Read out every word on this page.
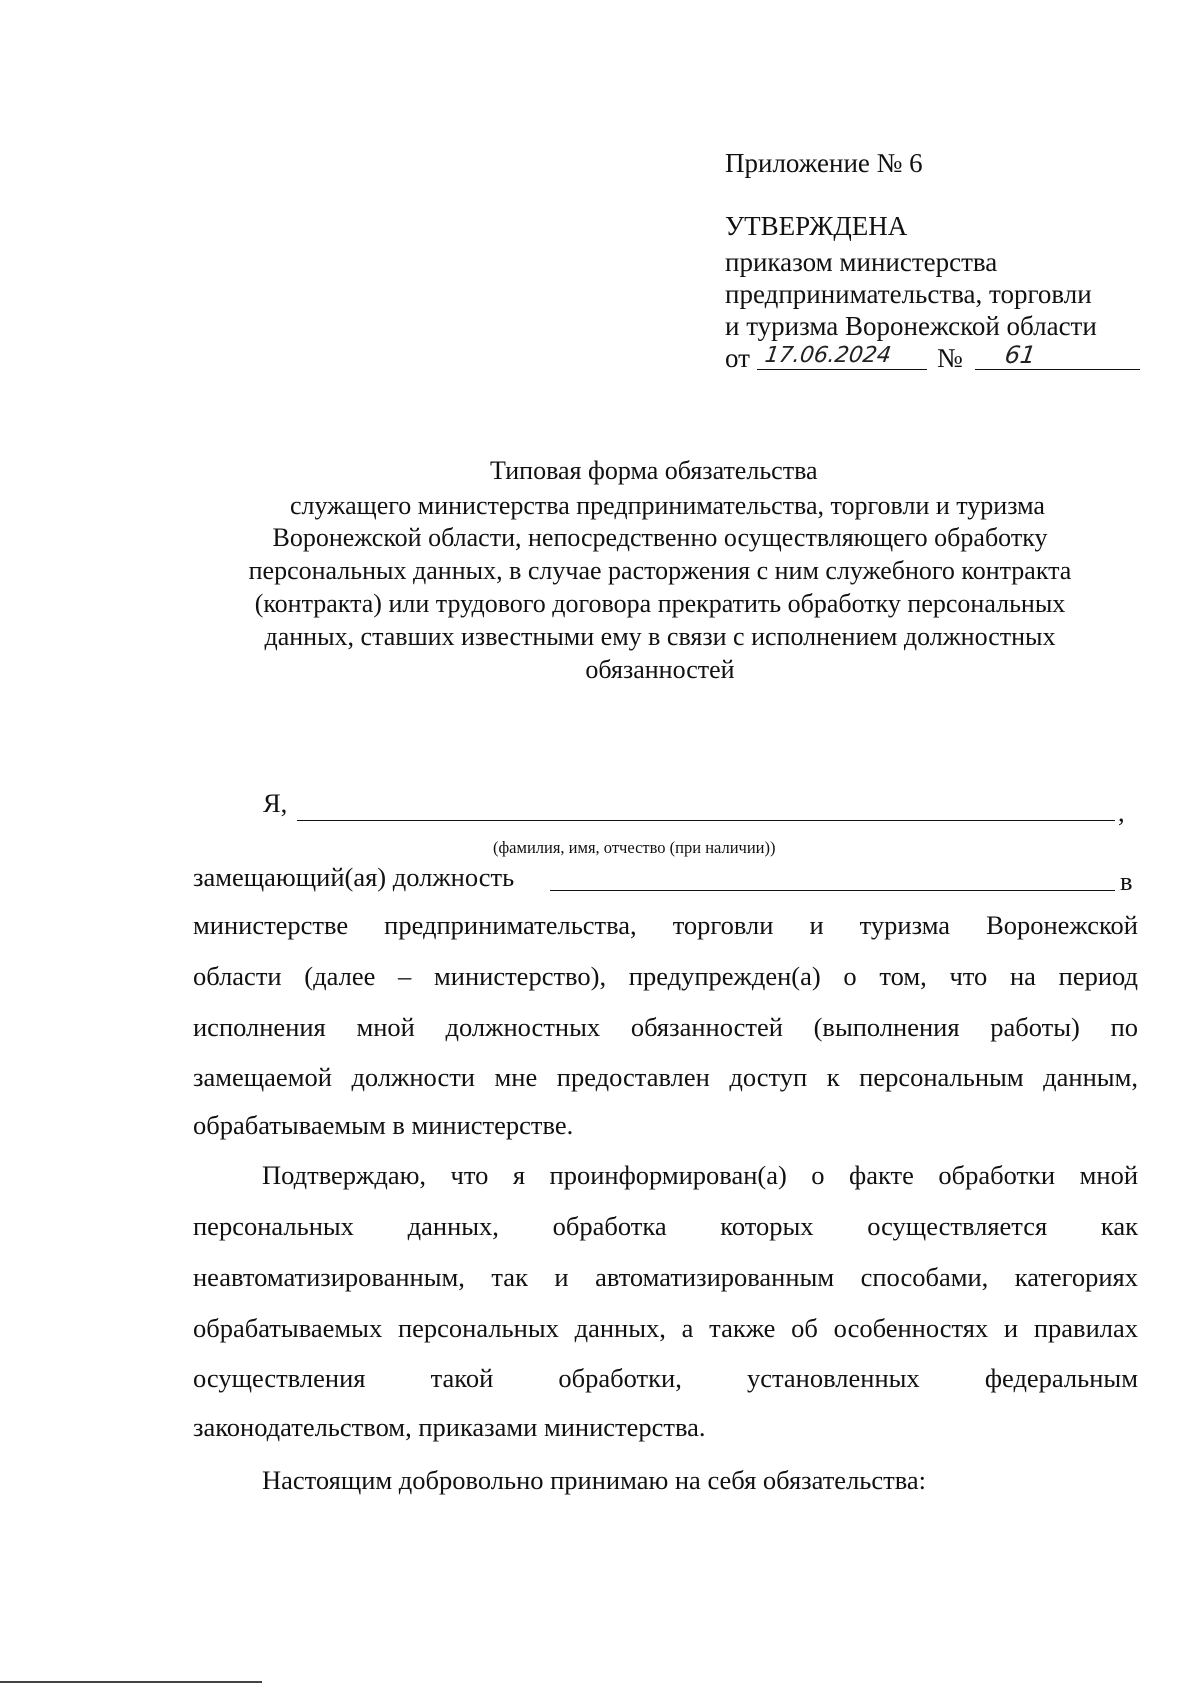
Приложение № 6
УТВЕРЖДЕНА
приказом министерства
предпринимательства, торговли
и туризма Воронежской области
от 17.06.2024 № 61
Типовая форма обязательства
служащего министерства предпринимательства, торговли и туризма
Воронежской области, непосредственно осуществляющего обработку
персональных данных, в случае расторжения с ним служебного контракта
(контракта) или трудового договора прекратить обработку персональных
данных, ставших известными ему в связи с исполнением должностных
обязанностей
Я,	,
(фамилия, имя, отчество (при наличии))
замещающий(ая) должность	в
министерстве предпринимательства, торговли и туризма Воронежской
области (далее – министерство), предупрежден(а) о том, что на период
исполнения мной должностных обязанностей (выполнения работы) по
замещаемой должности мне предоставлен доступ к персональным данным,
обрабатываемым в министерстве.
Подтверждаю, что я проинформирован(а) о факте обработки мной
персональных данных, обработка которых осуществляется как
неавтоматизированным, так и автоматизированным способами, категориях
обрабатываемых персональных данных, а также об особенностях и правилах
осуществления такой обработки, установленных федеральным
законодательством, приказами министерства.
Настоящим добровольно принимаю на себя обязательства:
